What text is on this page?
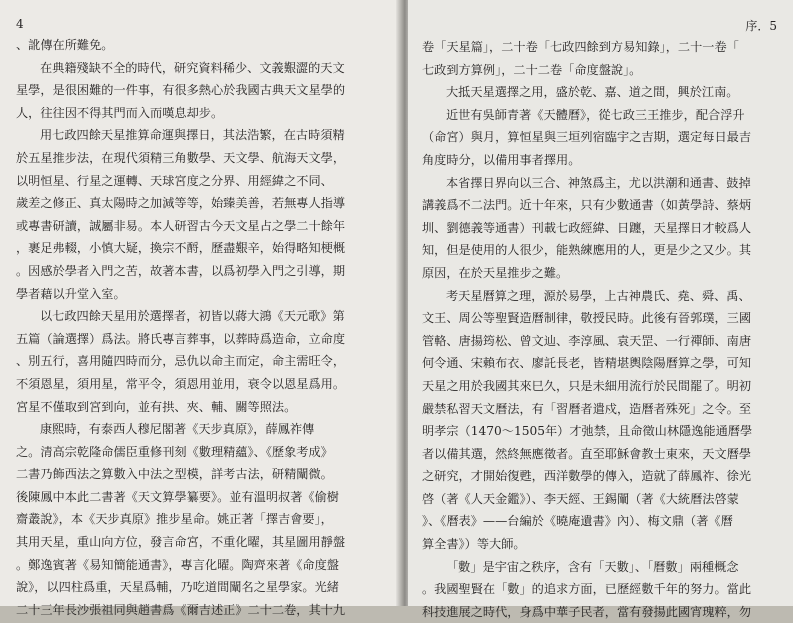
4
、訛傳在所難免。
在典籍殘缺不全的時代，研究資料稀少、文義艱澀的天文
星學，是很困難的一件事，有很多熱心於我國古典天文星學的
人，往往因不得其門而入而嘆息却步。
用七政四餘天星推算命運與擇日，其法浩繁，在古時須精
於五星推步法，在現代須精三角數學、天文學、航海天文學，
以明恒星、行星之運轉、天球宮度之分界、用經緯之不同、
歲差之修正、真太陽時之加減等等，始臻美善，若無專人指導
或專書研讀，誠屬非易。本人研習古今天文星占之學二十餘年
，裹足弗輟，小慎大疑，換宗不酹，歷盡艱辛，始得略知梗概
。因感於學者入門之苦，故著本書，以爲初學入門之引導，期
學者藉以升堂入室。
以七政四餘天星用於選擇者，初皆以蔣大鴻《天元歌》第
五篇（論選擇）爲法。將氏專言葬事，以葬時爲造命，立命度
、別五行，喜用隨四時而分，忌仇以命主而定，命主需旺令，
不須恩星，須用星，常平令，須恩用並用，衰令以恩星爲用。
宮星不僅取到宮到向，並有拱、夾、輔、關等照法。
康熙時，有泰西人穆尼閣著《天步真原》，薛鳳祚傳
之。清高宗乾隆命儒臣重修刊刻《數理精蘊》、《歷象考成》
二書乃飾西法之算數入中法之型模，詳考古法，研精闡微。
後陳鳳中本此二書著《天文算學纂要》。並有溫明叔著《偷樹
齋叢說》，本《天步真原》推步星命。姚正著「擇吉會要」，
其用天星，重山向方位，發言命宮，不重化曜，其星圖用靜盤
。鄭逸賓著《易知簡能通書》，專言化曜。陶齊來著《命度盤
說》，以四柱爲重，天星爲輔，乃吃道間闡名之星學家。光緒
二十三年長沙張祖同與趙書爲《爾吉述正》二十二卷，其十九
序．5
卷「天星篇」，二十卷「七政四餘到方易知錄」，二十一卷「
七政到方算例」，二十二卷「命度盤說」。
大抵天星選擇之用，盛於乾、嘉、道之間，興於江南。
近世有吳師青著《天體曆》，從七政三王推步，配合浮升
（命宮）與月，算恒星與三垣列宿臨宇之吉期，選定每日最吉
角度時分，以備用事者擇用。
本省擇日界向以三合、神煞爲主，尤以洪潮和通書、鼓掉
講義爲不二法門。近十年來，只有少數通書（如黃學詩、蔡炳
圳、劉德義等通書）刊載七政經緯、日躔，天星擇日才較爲人
知，但是使用的人很少，能熟練應用的人，更是少之又少。其
原因，在於天星推步之難。
考天星曆算之理，源於易學，上古神農氏、堯、舜、禹、
文王、周公等聖賢造曆制律，敬授民時。此後有晉郭璞，三國
管輅、唐揚筠松、曾文辿、李淳風、袁天罡、一行禪師、南唐
何令通、宋賴布衣、廖託長老，皆精堪輿陰陽曆算之學，可知
天星之用於我國其來巳久，只是未細用流行於民間罷了。明初
嚴禁私習天文曆法，有「習曆者遣戍，造曆者殊死」之令。至
明孝宗（1470～1505年）才弛禁，且命徵山林隱逸能通曆學
者以備其選，然終無應徵者。直至耶穌會教士東來，天文曆學
之研究，才開始復甦，西洋數學的傳入，造就了薛鳳祚、徐光
啓（著《人天金鑑》）、李天經、王錫闡（著《大統曆法啓蒙
》、《曆表》——台編於《曉庵遺書》內）、梅文鼎（著《曆
算全書》）等大師。
「數」是宇宙之秩序，含有「天數」、「曆數」兩種概念
。我國聖賢在「數」的追求方面，已歷經數千年的努力。當此
科技進展之時代，身爲中華子民者，當有發揚此國宵瑰粹，勿
